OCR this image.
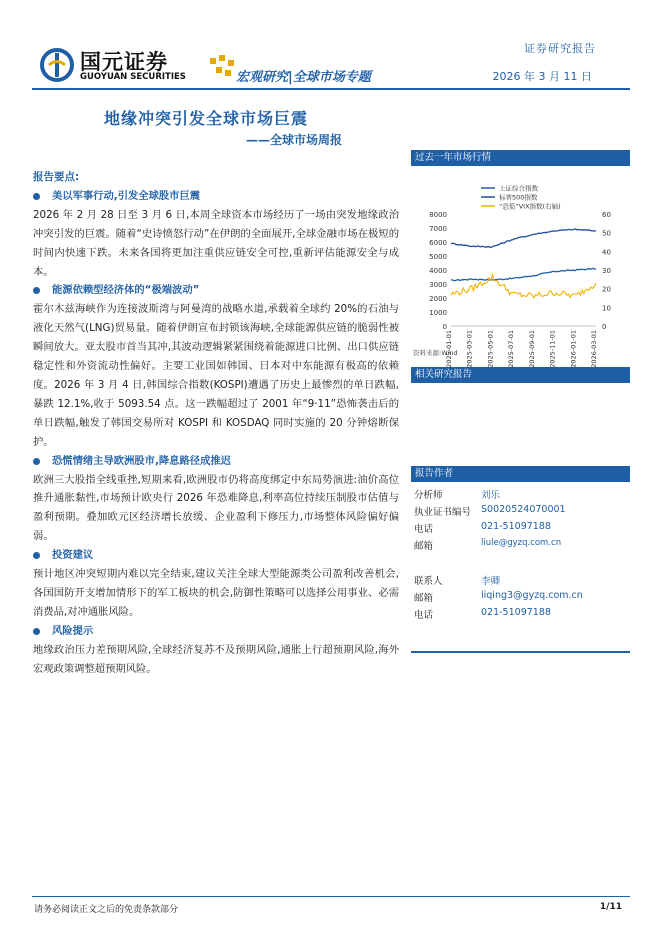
国元证券
GUOYUAN SECURITIES
证券研究报告
宏观研究|全球市场专题	2026 年 3 月 11 日
地缘冲突引发全球市场巨震
——全球市场周报
报告要点:
美以军事行动,引发全球股市巨震

2026 年 2 月 28 日至 3 月 6 日,本周全球资本市场经历了一场由突发地缘政治冲突引发的巨震。随着“史诗愤怒行动”在伊朗的全面展开,全球金融市场在极短的时间内快速下跌。未来各国将更加注重供应链安全可控,重新评估能源安全与成本。

能源依赖型经济体的“极端波动”

霍尔木兹海峡作为连接波斯湾与阿曼湾的战略水道,承载着全球约 20%的石油与液化天然气(LNG)贸易量。随着伊朗宣布封锁该海峡,全球能源供应链的脆弱性被瞬间放大。亚太股市首当其冲,其波动逻辑紧紧围绕着能源进口比例、出口供应链稳定性和外资流动性偏好。主要工业国如韩国、日本对中东能源有极高的依赖度。2026 年 3 月 4 日,韩国综合指数(KOSPI)遭遇了历史上最惨烈的单日跌幅,暴跌 12.1%,收于 5093.54 点。这一跌幅超过了 2001 年“9·11”恐怖袭击后的单日跌幅,触发了韩国交易所对 KOSPI 和 KOSDAQ 同时实施的 20 分钟熔断保护。

恐慌情绪主导欧洲股市,降息路径成推迟

欧洲三大股指全线重挫,短期来看,欧洲股市仍将高度绑定中东局势演进:油价高位推升通胀黏性,市场预计欧央行 2026 年恐难降息,利率高位持续压制股市估值与盈利预期。叠加欧元区经济增长放缓、企业盈利下修压力,市场整体风险偏好偏弱。

投资建议

预计地区冲突短期内难以完全结束,建议关注全球大型能源类公司盈利改善机会,各国国防开支增加情形下的军工板块的机会,防御性策略可以选择公用事业、必需消费品,对冲通胀风险。

风险提示

地缘政治压力差预期风险,全球经济复苏不及预期风险,通胀上行超预期风险,海外宏观政策调整超预期风险。

过去一年市场行情
0
1000
2000
3000
4000
5000
6000
7000
8000
0
10
20
30
40
50
60
2025-01-01 2025-03-01 2025-05-01 2025-07-01 2025-09-01 2025-11-01 2026-01-01 2026-03-01
上证综合指数
标普500指数
“恐慌”VIX指数(右轴)
资料来源:Wind
相关研究报告
报告作者
分析师	刘乐
执业证书编号 S0020524070001
电话	021-51097188
邮箱	liule@gyzq.com.cn
联系人	李卿
邮箱	liqing3@gyzq.com.cn
电话	021-51097188
请务必阅读正文之后的免责条款部分	1/11
